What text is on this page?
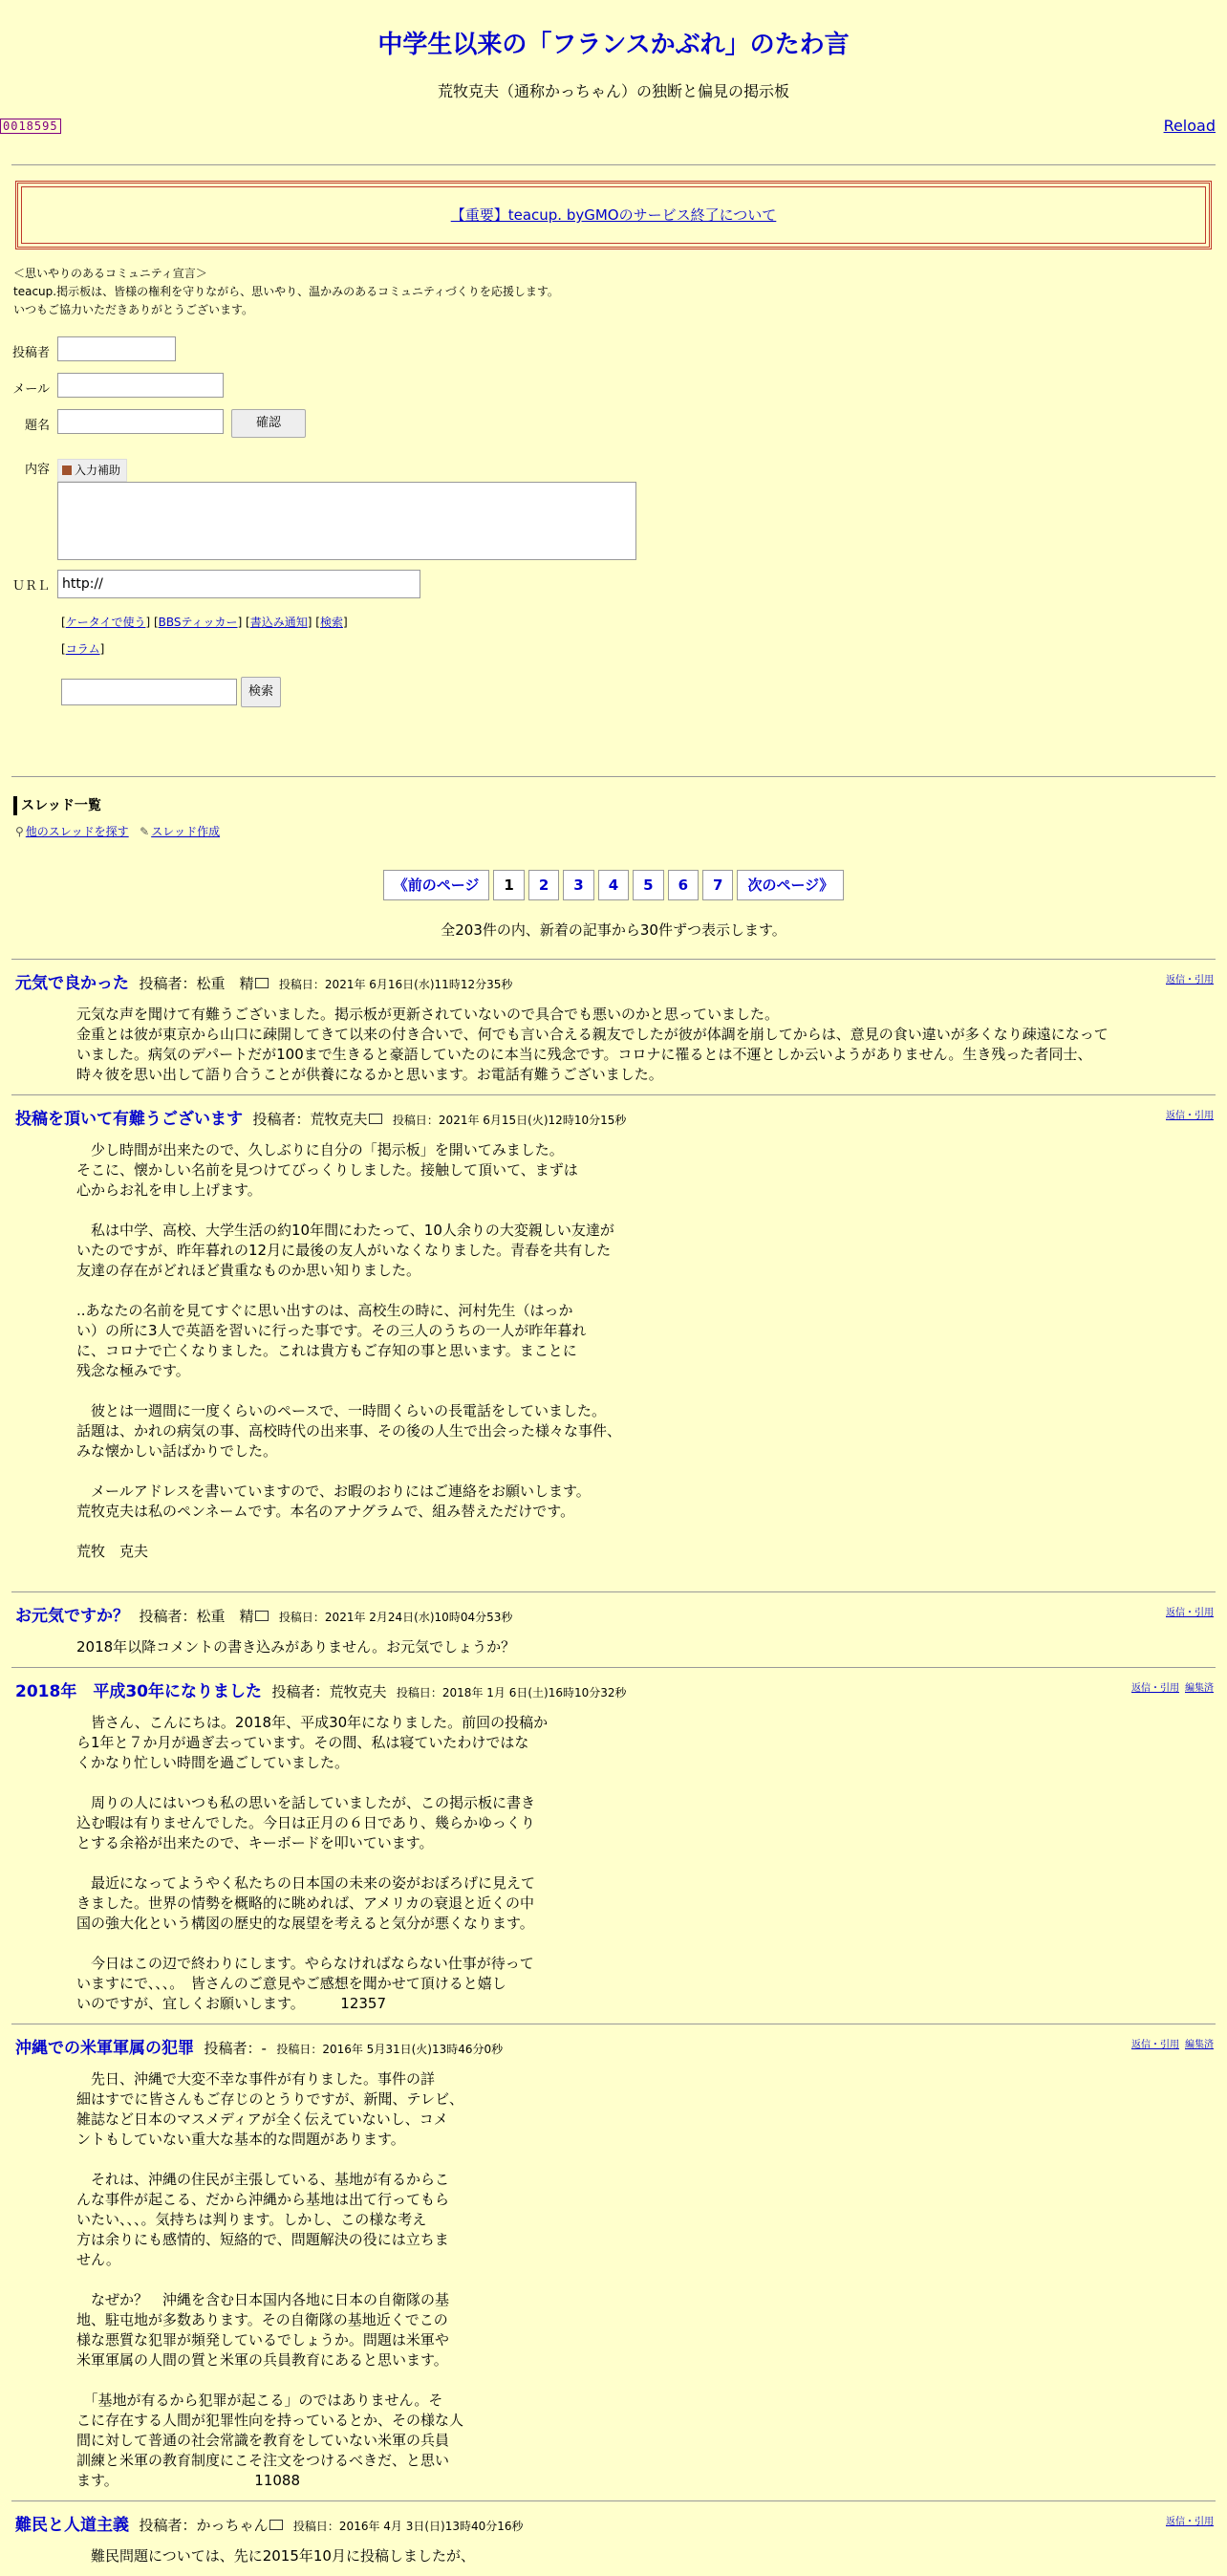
中学生以来の「フランスかぶれ」のたわ言
荒牧克夫（通称かっちゃん）の独断と偏見の掲示板
0018595	Reload
【重要】teacup. byGMOのサービス終了について
＜思いやりのあるコミュニティ宣言＞
teacup.掲示板は、皆様の権利を守りながら、思いやり、温かみのあるコミュニティづくりを応援します。
いつもご協力いただきありがとうございます。
投稿者
メール
題名	確認
内容	入力補助
ＵＲＬ
http://
[ケータイで使う] [BBSティッカー] [書込み通知] [検索]
[コラム]
検索
スレッド一覧
⚲ 他のスレッドを探す ✎ スレッド作成
《前のページ 1 2 3 4 5 6 7 次のページ》
全203件の内、新着の記事から30件ずつ表示します。
返信・引用
元気で良かった 投稿者：松重　精 投稿日：2021年 6月16日(水)11時12分35秒
元気な声を聞けて有難うございました。掲示板が更新されていないので具合でも悪いのかと思っていました。
金重とは彼が東京から山口に疎開してきて以来の付き合いで、何でも言い合える親友でしたが彼が体調を崩してからは、意見の食い違いが多くなり疎遠になって
いました。病気のデパートだが100まで生きると豪語していたのに本当に残念です。コロナに罹るとは不運としか云いようがありません。生き残った者同士、
時々彼を思い出して語り合うことが供養になるかと思います。お電話有難うございました。
返信・引用
投稿を頂いて有難うございます 投稿者：荒牧克夫 投稿日：2021年 6月15日(火)12時10分15秒
　少し時間が出来たので、久しぶりに自分の「掲示板」を開いてみました。
そこに、懐かしい名前を見つけてびっくりしました。接触して頂いて、まずは
心からお礼を申し上げます。

　私は中学、高校、大学生活の約10年間にわたって、10人余りの大変親しい友達が
いたのですが、昨年暮れの12月に最後の友人がいなくなりました。青春を共有した
友達の存在がどれほど貴重なものか思い知りました。

..あなたの名前を見てすぐに思い出すのは、高校生の時に、河村先生（はっか
い）の所に3人で英語を習いに行った事です。その三人のうちの一人が昨年暮れ
に、コロナで亡くなりました。これは貴方もご存知の事と思います。まことに
残念な極みです。

　彼とは一週間に一度くらいのペースで、一時間くらいの長電話をしていました。
話題は、かれの病気の事、高校時代の出来事、その後の人生で出会った様々な事件、
みな懐かしい話ばかりでした。

　メールアドレスを書いていますので、お暇のおりにはご連絡をお願いします。
荒牧克夫は私のペンネームです。本名のアナグラムで、組み替えただけです。

荒牧　克夫

返信・引用
お元気ですか？ 投稿者：松重　精 投稿日：2021年 2月24日(水)10時04分53秒
2018年以降コメントの書き込みがありません。お元気でしょうか？
返信・引用 編集済
2018年　平成30年になりました 投稿者：荒牧克夫 投稿日：2018年 1月 6日(土)16時10分32秒
　皆さん、こんにちは。2018年、平成30年になりました。前回の投稿か
ら1年と７か月が過ぎ去っています。その間、私は寝ていたわけではな
くかなり忙しい時間を過ごしていました。

　周りの人にはいつも私の思いを話していましたが、この掲示板に書き
込む暇は有りませんでした。今日は正月の６日であり、幾らかゆっくり
とする余裕が出来たので、キーボードを叩いています。

　最近になってようやく私たちの日本国の未来の姿がおぼろげに見えて
きました。世界の情勢を概略的に眺めれば、アメリカの衰退と近くの中
国の強大化という構図の歴史的な展望を考えると気分が悪くなります。

　今日はこの辺で終わりにします。やらなければならない仕事が待って
いますにで、、、。　皆さんのご意見やご感想を聞かせて頂けると嬉し
いのですが、宜しくお願いします。　　　12357
返信・引用 編集済
沖縄での米軍軍属の犯罪 投稿者：- 投稿日：2016年 5月31日(火)13時46分0秒
　先日、沖縄で大変不幸な事件が有りました。事件の詳
細はすでに皆さんもご存じのとうりですが、新聞、テレビ、
雑誌など日本のマスメディアが全く伝えていないし、コメ
ントもしていない重大な基本的な問題があります。

　それは、沖縄の住民が主張している、基地が有るからこ
んな事件が起こる、だから沖縄から基地は出て行ってもら
いたい、、、。気持ちは判ります。しかし、この様な考え
方は余りにも感情的、短絡的で、問題解決の役には立ちま
せん。

　なぜか？　沖縄を含む日本国内各地に日本の自衛隊の基
地、駐屯地が多数あります。その自衛隊の基地近くでこの
様な悪質な犯罪が頻発しているでしょうか。問題は米軍や
米軍軍属の人間の質と米軍の兵員教育にあると思います。

　「基地が有るから犯罪が起こる」のではありません。そ
こに存在する人間が犯罪性向を持っているとか、その様な人
間に対して普通の社会常識を教育をしていない米軍の兵員
訓練と米軍の教育制度にこそ注文をつけるべきだ、と思い
ます。　　　　　　　　　　11088
返信・引用
難民と人道主義 投稿者：かっちゃん 投稿日：2016年 4月 3日(日)13時40分16秒
　難民問題については、先に2015年10月に投稿しましたが、
